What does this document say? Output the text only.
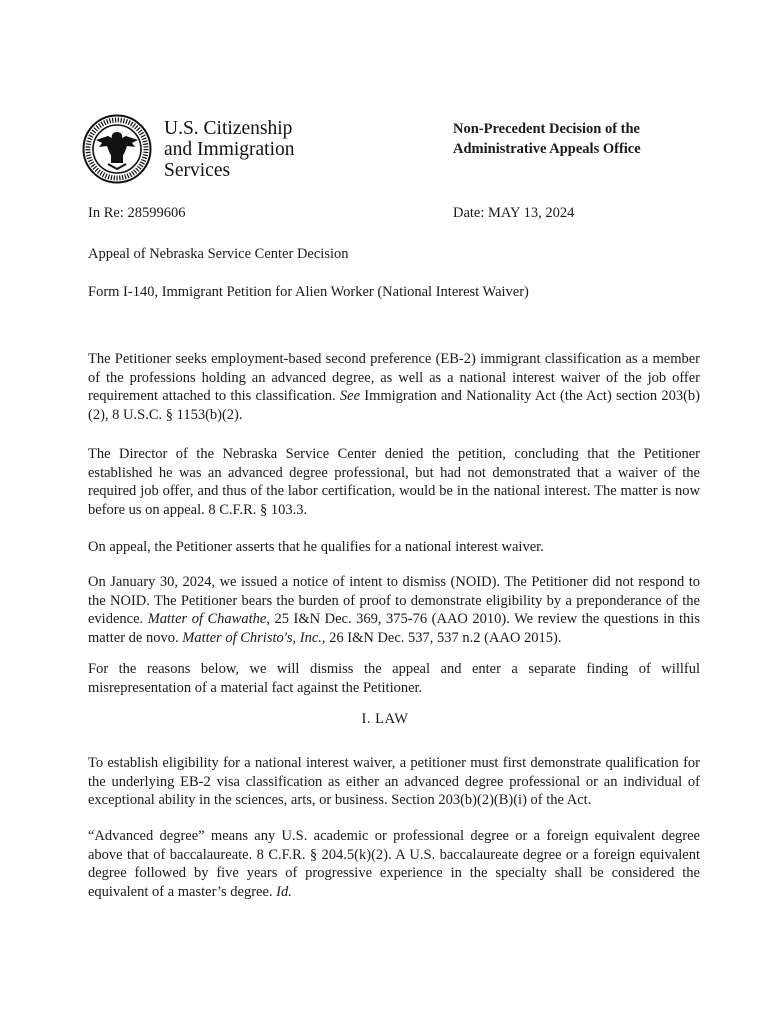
U.S. Citizenship
and Immigration
Services
Non-Precedent Decision of the
Administrative Appeals Office
In Re: 28599606	Date: MAY 13, 2024
Appeal of Nebraska Service Center Decision
Form I-140, Immigrant Petition for Alien Worker (National Interest Waiver)

The Petitioner seeks employment-based second preference (EB-2) immigrant classification as a member of the professions holding an advanced degree, as well as a national interest waiver of the job offer requirement attached to this classification. See Immigration and Nationality Act (the Act) section 203(b)(2), 8 U.S.C. § 1153(b)(2).

The Director of the Nebraska Service Center denied the petition, concluding that the Petitioner established he was an advanced degree professional, but had not demonstrated that a waiver of the required job offer, and thus of the labor certification, would be in the national interest. The matter is now before us on appeal. 8 C.F.R. § 103.3.

On appeal, the Petitioner asserts that he qualifies for a national interest waiver.

On January 30, 2024, we issued a notice of intent to dismiss (NOID). The Petitioner did not respond to the NOID. The Petitioner bears the burden of proof to demonstrate eligibility by a preponderance of the evidence. Matter of Chawathe, 25 I&N Dec. 369, 375-76 (AAO 2010). We review the questions in this matter de novo. Matter of Christo's, Inc., 26 I&N Dec. 537, 537 n.2 (AAO 2015).

For the reasons below, we will dismiss the appeal and enter a separate finding of willful misrepresentation of a material fact against the Petitioner.

I. LAW

To establish eligibility for a national interest waiver, a petitioner must first demonstrate qualification for the underlying EB-2 visa classification as either an advanced degree professional or an individual of exceptional ability in the sciences, arts, or business. Section 203(b)(2)(B)(i) of the Act.

“Advanced degree” means any U.S. academic or professional degree or a foreign equivalent degree above that of baccalaureate. 8 C.F.R. § 204.5(k)(2). A U.S. baccalaureate degree or a foreign equivalent degree followed by five years of progressive experience in the specialty shall be considered the equivalent of a master’s degree. Id.
